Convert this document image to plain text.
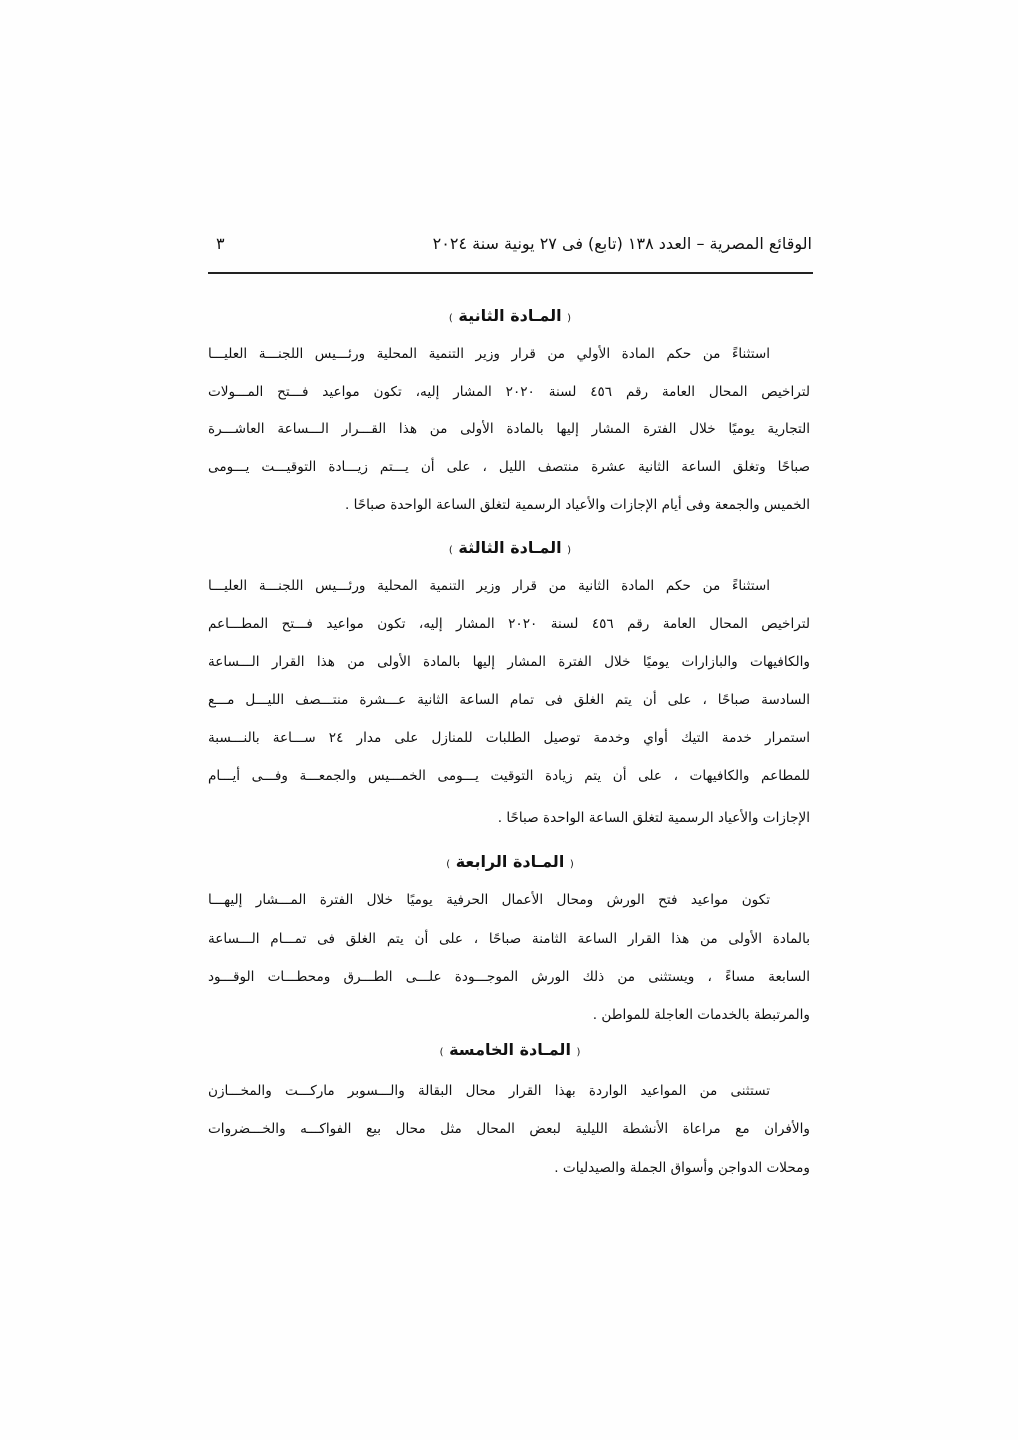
الوقائع المصرية – العدد ١٣٨ (تابع) فى ٢٧ يونية سنة ٢٠٢٤
٣
( المـادة الثانية )
استثناءً من حكم المادة الأولي من قرار وزير التنمية المحلية ورئـــيس اللجنـــة العليـــا
لتراخيص المحال العامة رقم ٤٥٦ لسنة ٢٠٢٠ المشار إليه، تكون مواعيد فـــتح المـــولات
التجارية يوميًا خلال الفترة المشار إليها بالمادة الأولى من هذا القـــرار الـــساعة العاشـــرة
صباحًا وتغلق الساعة الثانية عشرة منتصف الليل ، على أن يـــتم زيـــادة التوقيـــت يـــومى
الخميس والجمعة وفى أيام الإجازات والأعياد الرسمية لتغلق الساعة الواحدة صباحًا .
( المـادة الثالثة )
استثناءً من حكم المادة الثانية من قرار وزير التنمية المحلية ورئـــيس اللجنـــة العليـــا
لتراخيص المحال العامة رقم ٤٥٦ لسنة ٢٠٢٠ المشار إليه، تكون مواعيد فـــتح المطـــاعم
والكافيهات والبازارات يوميًا خلال الفترة المشار إليها بالمادة الأولى من هذا القرار الـــساعة
السادسة صباحًا ، على أن يتم الغلق فى تمام الساعة الثانية عـــشرة منتـــصف الليـــل مـــع
استمرار خدمة التيك أواي وخدمة توصيل الطلبات للمنازل على مدار ٢٤ ســـاعة بالنـــسبة
للمطاعم والكافيهات ، على أن يتم زيادة التوقيت يـــومى الخمـــيس والجمعـــة وفـــى أيـــام
الإجازات والأعياد الرسمية لتغلق الساعة الواحدة صباحًا .
( المـادة الرابعة )
تكون مواعيد فتح الورش ومحال الأعمال الحرفية يوميًا خلال الفترة المـــشار إليهـــا
بالمادة الأولى من هذا القرار الساعة الثامنة صباحًا ، على أن يتم الغلق فى تمـــام الـــساعة
السابعة مساءً ، ويستثنى من ذلك الورش الموجـــودة علـــى الطـــرق ومحطـــات الوقـــود
والمرتبطة بالخدمات العاجلة للمواطن .
( المـادة الخامسة )
تستثنى من المواعيد الواردة بهذا القرار محال البقالة والـــسوبر ماركـــت والمخـــازن
والأفران مع مراعاة الأنشطة الليلية لبعض المحال مثل محال بيع الفواكـــه والخـــضروات
ومحلات الدواجن وأسواق الجملة والصيدليات .
